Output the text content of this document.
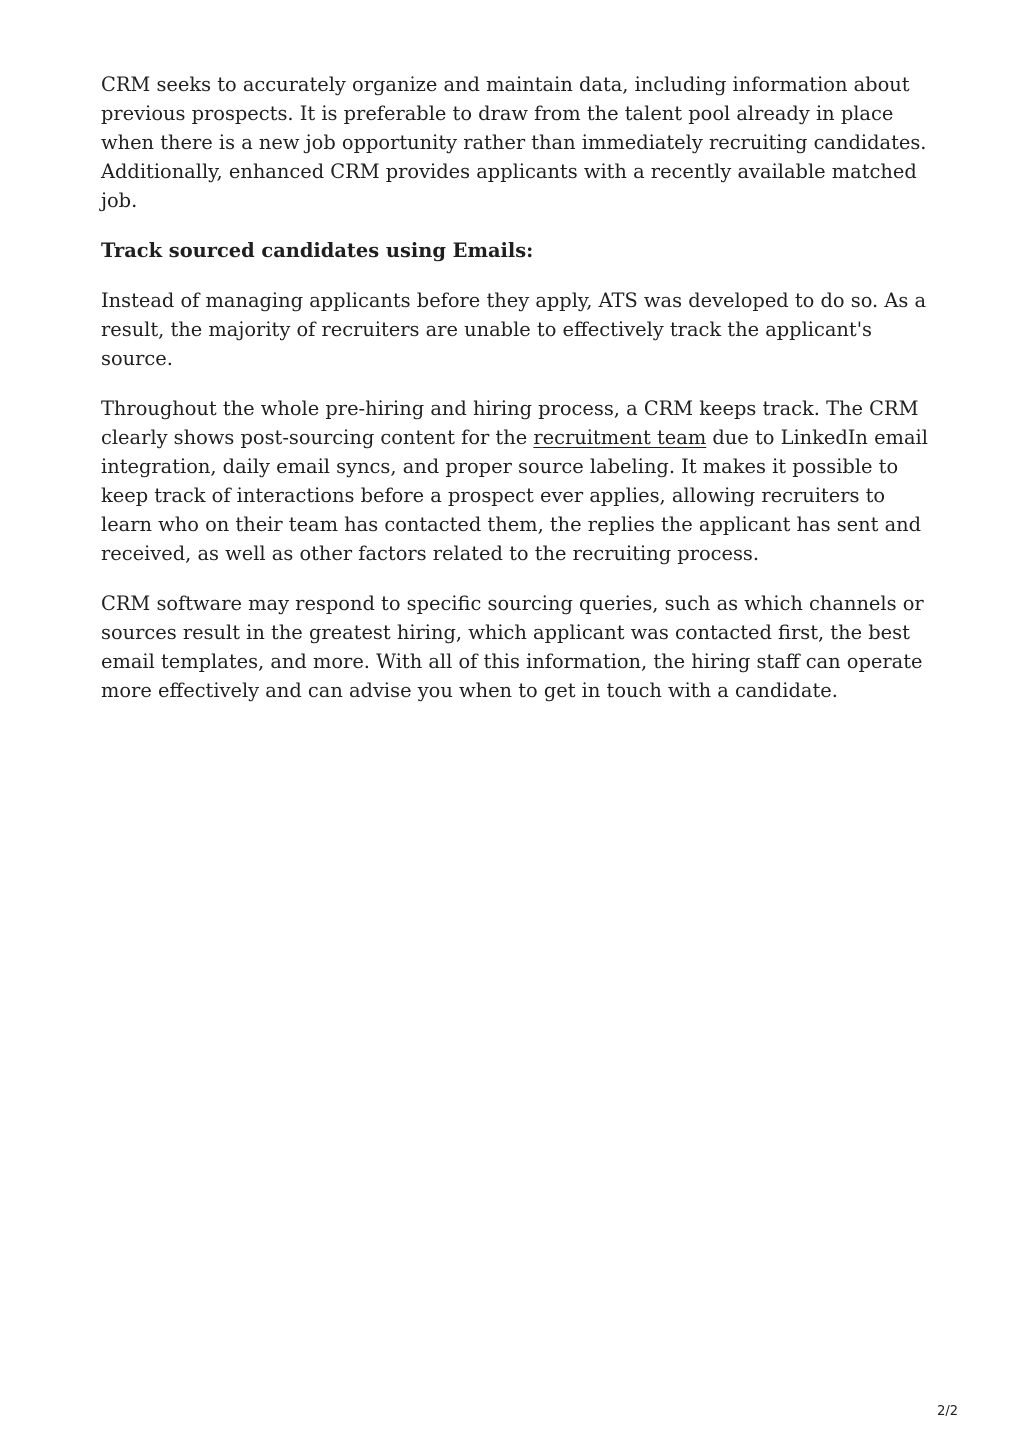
CRM seeks to accurately organize and maintain data, including information about previous prospects. It is preferable to draw from the talent pool already in place when there is a new job opportunity rather than immediately recruiting candidates. Additionally, enhanced CRM provides applicants with a recently available matched job.

Track sourced candidates using Emails:

Instead of managing applicants before they apply, ATS was developed to do so. As a result, the majority of recruiters are unable to effectively track the applicant's source.

Throughout the whole pre-hiring and hiring process, a CRM keeps track. The CRM clearly shows post-sourcing content for the recruitment team due to LinkedIn email integration, daily email syncs, and proper source labeling. It makes it possible to keep track of interactions before a prospect ever applies, allowing recruiters to learn who on their team has contacted them, the replies the applicant has sent and received, as well as other factors related to the recruiting process.

CRM software may respond to specific sourcing queries, such as which channels or sources result in the greatest hiring, which applicant was contacted first, the best email templates, and more. With all of this information, the hiring staff can operate more effectively and can advise you when to get in touch with a candidate.

2/2
